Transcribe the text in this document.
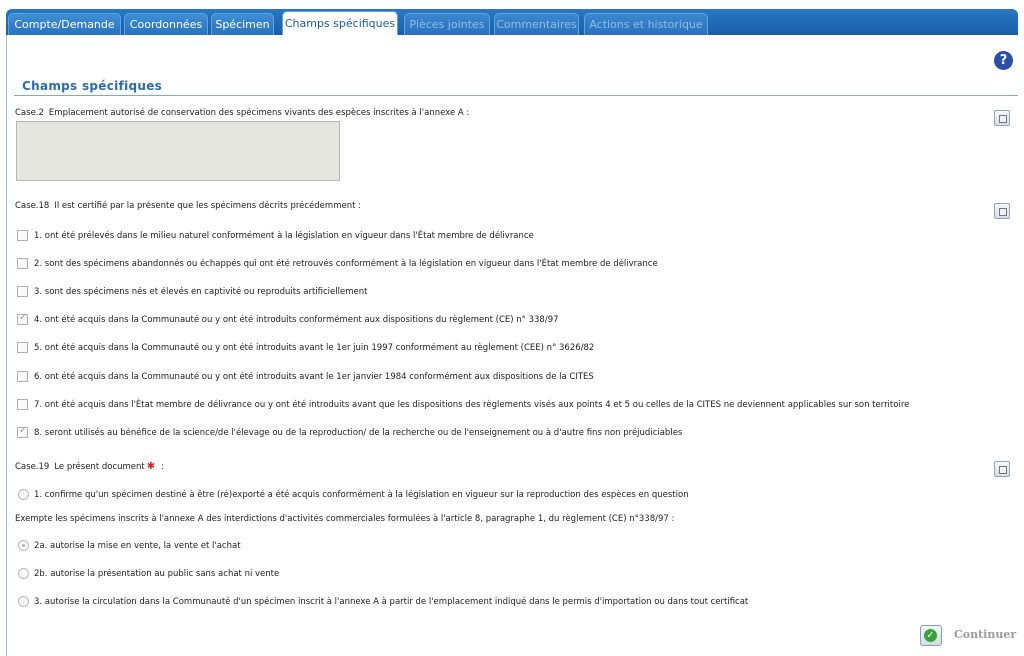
Compte/Demande	Coordonnées	Spécimen	Champs spécifiques	Pièces jointes	Commentaires	Actions et historique
?
Champs spécifiques
Case.2 Emplacement autorisé de conservation des spécimens vivants des espèces inscrites à l'annexe A :
Case.18 Il est certifié par la présente que les spécimens décrits précédemment :
1. ont été prélevés dans le milieu naturel conformément à la législation en vigueur dans l'État membre de délivrance
2. sont des spécimens abandonnés ou échappés qui ont été retrouvés conformément à la législation en vigueur dans l'État membre de délivrance
3. sont des spécimens nés et élevés en captivité ou reproduits artificiellement
✓
4. ont été acquis dans la Communauté ou y ont été introduits conformément aux dispositions du règlement (CE) n° 338/97
5. ont été acquis dans la Communauté ou y ont été introduits avant le 1er juin 1997 conformément au règlement (CEE) n° 3626/82
6. ont été acquis dans la Communauté ou y ont été introduits avant le 1er janvier 1984 conformément aux dispositions de la CITES
7. ont été acquis dans l'État membre de délivrance ou y ont été introduits avant que les dispositions des règlements visés aux points 4 et 5 ou celles de la CITES ne deviennent applicables sur son territoire
✓
8. seront utilisés au bénéfice de la science/de l'élevage ou de la reproduction/ de la recherche ou de l'enseignement ou à d'autre fins non préjudiciables
Case.19 Le présent document ✱ :
1. confirme qu'un spécimen destiné à être (ré)exporté a été acquis conformément à la législation en vigueur sur la reproduction des espèces en question
Exempte les spécimens inscrits à l'annexe A des interdictions d'activités commerciales formulées à l'article 8, paragraphe 1, du règlement (CE) n°338/97 :
2a. autorise la mise en vente, la vente et l'achat
2b. autorise la présentation au public sans achat ni vente
3. autorise la circulation dans la Communauté d'un spécimen inscrit à l'annexe A à partir de l'emplacement indiqué dans le permis d'importation ou dans tout certificat
✓ Continuer
